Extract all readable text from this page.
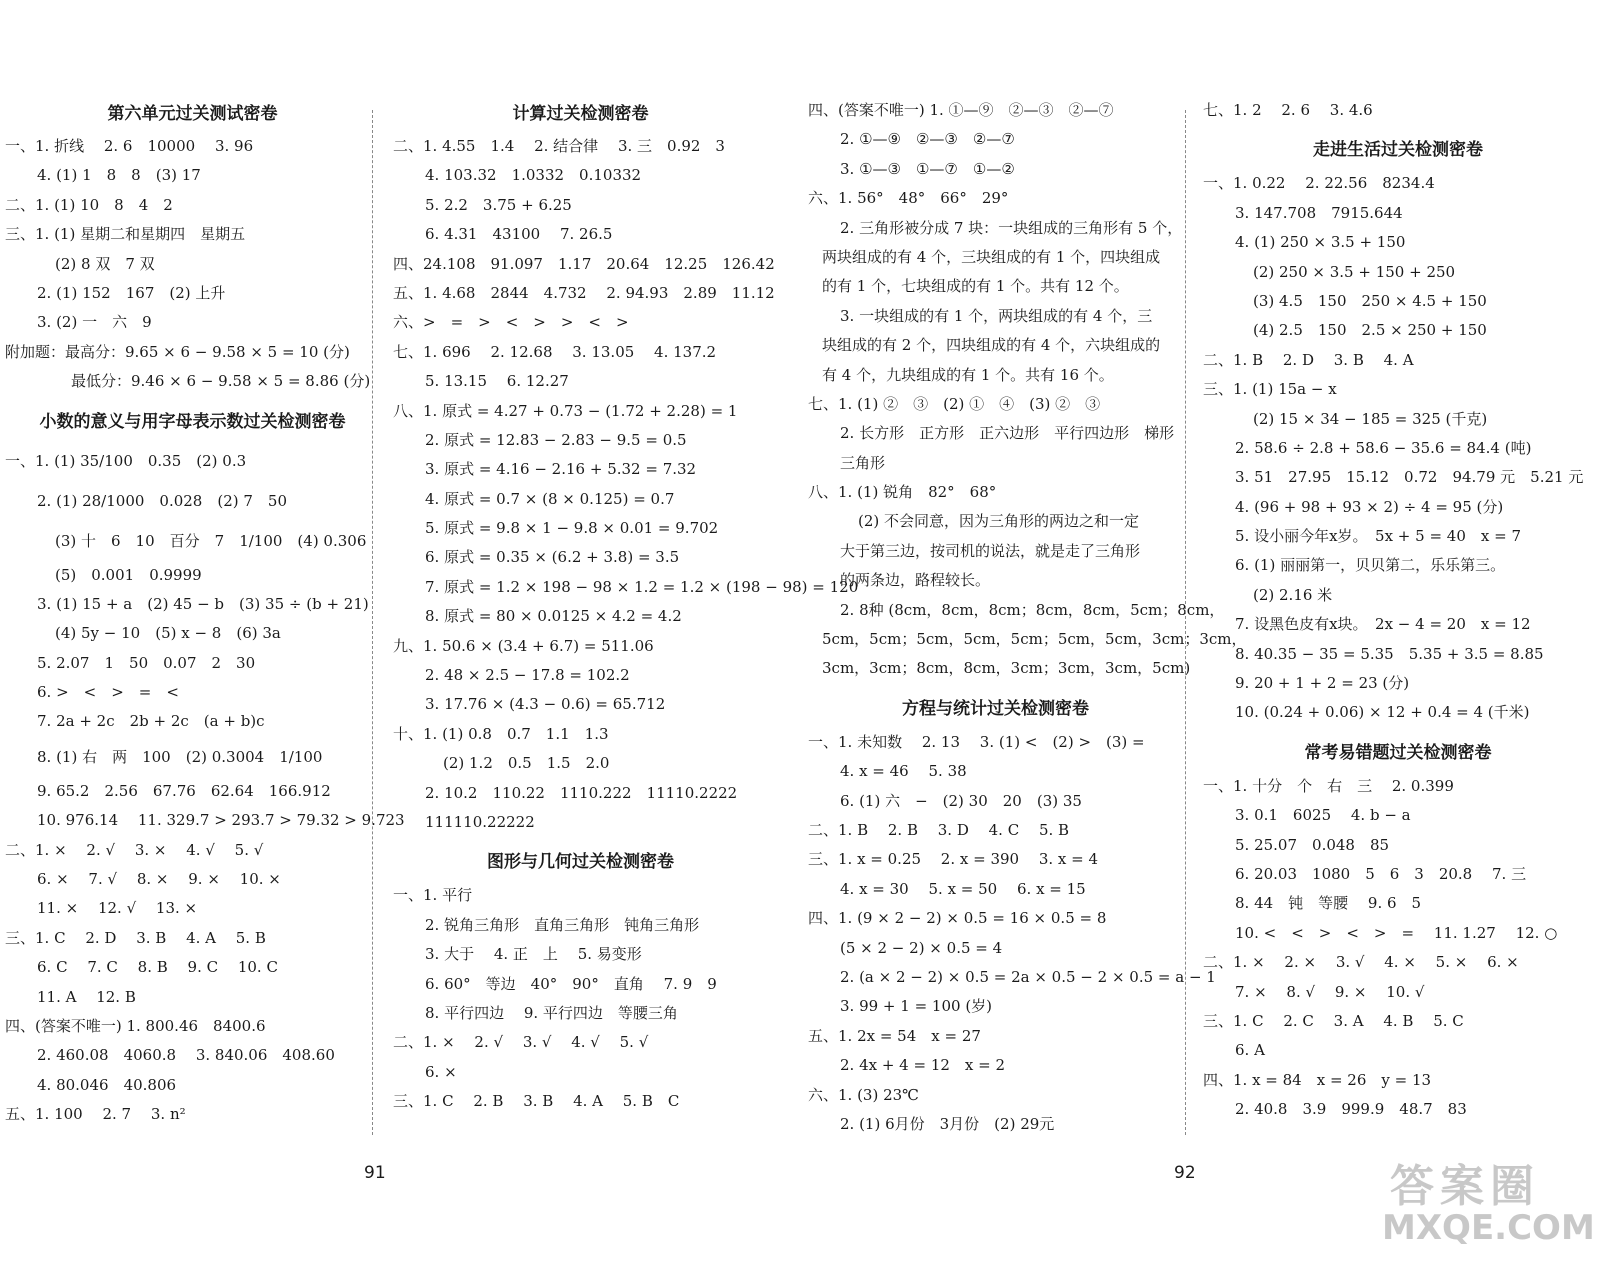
第六单元过关测试密卷
一、1. 折线　 2. 6　10000　 3. 96
4. (1) 1　8　8　(3) 17
二、1. (1) 10　8　4　2
三、1. (1) 星期二和星期四　星期五
(2) 8 双　7 双
2. (1) 152　167　(2) 上升
3. (2) 一　六　9
附加题：最高分：9.65 × 6 − 9.58 × 5 = 10 (分)
最低分：9.46 × 6 − 9.58 × 5 = 8.86 (分)
小数的意义与用字母表示数过关检测密卷
一、1. (1) 35/100　0.35　(2) 0.3
2. (1) 28/1000　0.028　(2) 7　50
(3) 十　6　10　百分　7　1/100　(4) 0.306
(5)　0.001　0.9999
3. (1) 15 + a　(2) 45 − b　(3) 35 ÷ (b + 21)
(4) 5y − 10　(5) x − 8　(6) 3a
5. 2.07　1　50　0.07　2　30
6. >　<　>　=　<
7. 2a + 2c　2b + 2c　(a + b)c
8. (1) 右　两　100　(2) 0.3004　1/100
9. 65.2　2.56　67.76　62.64　166.912
10. 976.14　 11. 329.7 > 293.7 > 79.32 > 9.723
二、1. ×　 2. √　 3. ×　 4. √　 5. √
6. ×　 7. √　 8. ×　 9. ×　 10. ×
11. ×　 12. √　 13. ×
三、1. C　 2. D　 3. B　 4. A　 5. B
6. C　 7. C　 8. B　 9. C　 10. C
11. A　 12. B
四、(答案不唯一) 1. 800.46　8400.6
2. 460.08　4060.8　 3. 840.06　408.60
4. 80.046　40.806
五、1. 100　 2. 7　 3. n²
计算过关检测密卷
二、1. 4.55　1.4　 2. 结合律　 3. 三　0.92　3
4. 103.32　1.0332　0.10332
5. 2.2　3.75 + 6.25
6. 4.31　43100　 7. 26.5
四、24.108　91.097　1.17　20.64　12.25　126.42
五、1. 4.68　2844　4.732　 2. 94.93　2.89　11.12
六、>　=　>　<　>　>　<　>
七、1. 696　 2. 12.68　 3. 13.05　 4. 137.2
5. 13.15　 6. 12.27
八、1. 原式 = 4.27 + 0.73 − (1.72 + 2.28) = 1
2. 原式 = 12.83 − 2.83 − 9.5 = 0.5
3. 原式 = 4.16 − 2.16 + 5.32 = 7.32
4. 原式 = 0.7 × (8 × 0.125) = 0.7
5. 原式 = 9.8 × 1 − 9.8 × 0.01 = 9.702
6. 原式 = 0.35 × (6.2 + 3.8) = 3.5
7. 原式 = 1.2 × 198 − 98 × 1.2 = 1.2 × (198 − 98) = 120
8. 原式 = 80 × 0.0125 × 4.2 = 4.2
九、1. 50.6 × (3.4 + 6.7) = 511.06
2. 48 × 2.5 − 17.8 = 102.2
3. 17.76 × (4.3 − 0.6) = 65.712
十、1. (1) 0.8　0.7　1.1　1.3
(2) 1.2　0.5　1.5　2.0
2. 10.2　110.22　1110.222　11110.2222
111110.22222
图形与几何过关检测密卷
一、1. 平行
2. 锐角三角形　直角三角形　钝角三角形
3. 大于　 4. 正　上　 5. 易变形
6. 60°　等边　40°　90°　直角　 7. 9　9
8. 平行四边　 9. 平行四边　等腰三角
二、1. ×　 2. √　 3. √　 4. √　 5. √
6. ×
三、1. C　 2. B　 3. B　 4. A　 5. B　C
四、(答案不唯一) 1. ①—⑨　②—③　②—⑦
2. ①—⑨　②—③　②—⑦
3. ①—③　①—⑦　①—②
六、1. 56°　48°　66°　29°
2. 三角形被分成 7 块：一块组成的三角形有 5 个，
两块组成的有 4 个，三块组成的有 1 个，四块组成
的有 1 个，七块组成的有 1 个。共有 12 个。
3. 一块组成的有 1 个，两块组成的有 4 个，三
块组成的有 2 个，四块组成的有 4 个，六块组成的
有 4 个，九块组成的有 1 个。共有 16 个。
七、1. (1) ②　③　(2) ①　④　(3) ②　③
2. 长方形　正方形　正六边形　平行四边形　梯形
三角形
八、1. (1) 锐角　82°　68°
(2) 不会同意，因为三角形的两边之和一定
大于第三边，按司机的说法，就是走了三角形
的两条边，路程较长。
2. 8种 (8cm，8cm，8cm；8cm，8cm，5cm；8cm，
5cm，5cm；5cm，5cm，5cm；5cm，5cm，3cm；3cm，
3cm，3cm；8cm，8cm，3cm；3cm，3cm，5cm)
方程与统计过关检测密卷
一、1. 未知数　 2. 13　 3. (1) <　(2) >　(3) =
4. x = 46　 5. 38
6. (1) 六　−　(2) 30　20　(3) 35
二、1. B　 2. B　 3. D　 4. C　 5. B
三、1. x = 0.25　 2. x = 390　 3. x = 4
4. x = 30　 5. x = 50　 6. x = 15
四、1. (9 × 2 − 2) × 0.5 = 16 × 0.5 = 8
(5 × 2 − 2) × 0.5 = 4
2. (a × 2 − 2) × 0.5 = 2a × 0.5 − 2 × 0.5 = a − 1
3. 99 + 1 = 100 (岁)
五、1. 2x = 54　x = 27
2. 4x + 4 = 12　x = 2
六、1. (3) 23℃
2. (1) 6月份　3月份　(2) 29元
七、1. 2　 2. 6　 3. 4.6
走进生活过关检测密卷
一、1. 0.22　 2. 22.56　8234.4
3. 147.708　7915.644
4. (1) 250 × 3.5 + 150
(2) 250 × 3.5 + 150 + 250
(3) 4.5　150　250 × 4.5 + 150
(4) 2.5　150　2.5 × 250 + 150
二、1. B　 2. D　 3. B　 4. A
三、1. (1) 15a − x
(2) 15 × 34 − 185 = 325 (千克)
2. 58.6 ÷ 2.8 + 58.6 − 35.6 = 84.4 (吨)
3. 51　27.95　15.12　0.72　94.79 元　5.21 元
4. (96 + 98 + 93 × 2) ÷ 4 = 95 (分)
5. 设小丽今年x岁。　5x + 5 = 40　x = 7
6. (1) 丽丽第一，贝贝第二，乐乐第三。
(2) 2.16 米
7. 设黑色皮有x块。　2x − 4 = 20　x = 12
8. 40.35 − 35 = 5.35　5.35 + 3.5 = 8.85
9. 20 + 1 + 2 = 23 (分)
10. (0.24 + 0.06) × 12 + 0.4 = 4 (千米)
常考易错题过关检测密卷
一、1. 十分　个　右　三　 2. 0.399
3. 0.1　6025　 4. b − a
5. 25.07　0.048　85
6. 20.03　1080　5　6　3　20.8　 7. 三
8. 44　钝　等腰　 9. 6　5
10. <　<　>　<　>　=　 11. 1.27　 12. ○
二、1. ×　 2. ×　 3. √　 4. ×　 5. ×　 6. ×
7. ×　 8. √　 9. ×　 10. √
三、1. C　 2. C　 3. A　 4. B　 5. C
6. A
四、1. x = 84　x = 26　y = 13
2. 40.8　3.9　999.9　48.7　83
91	92	答案圈
MXQE.COM
